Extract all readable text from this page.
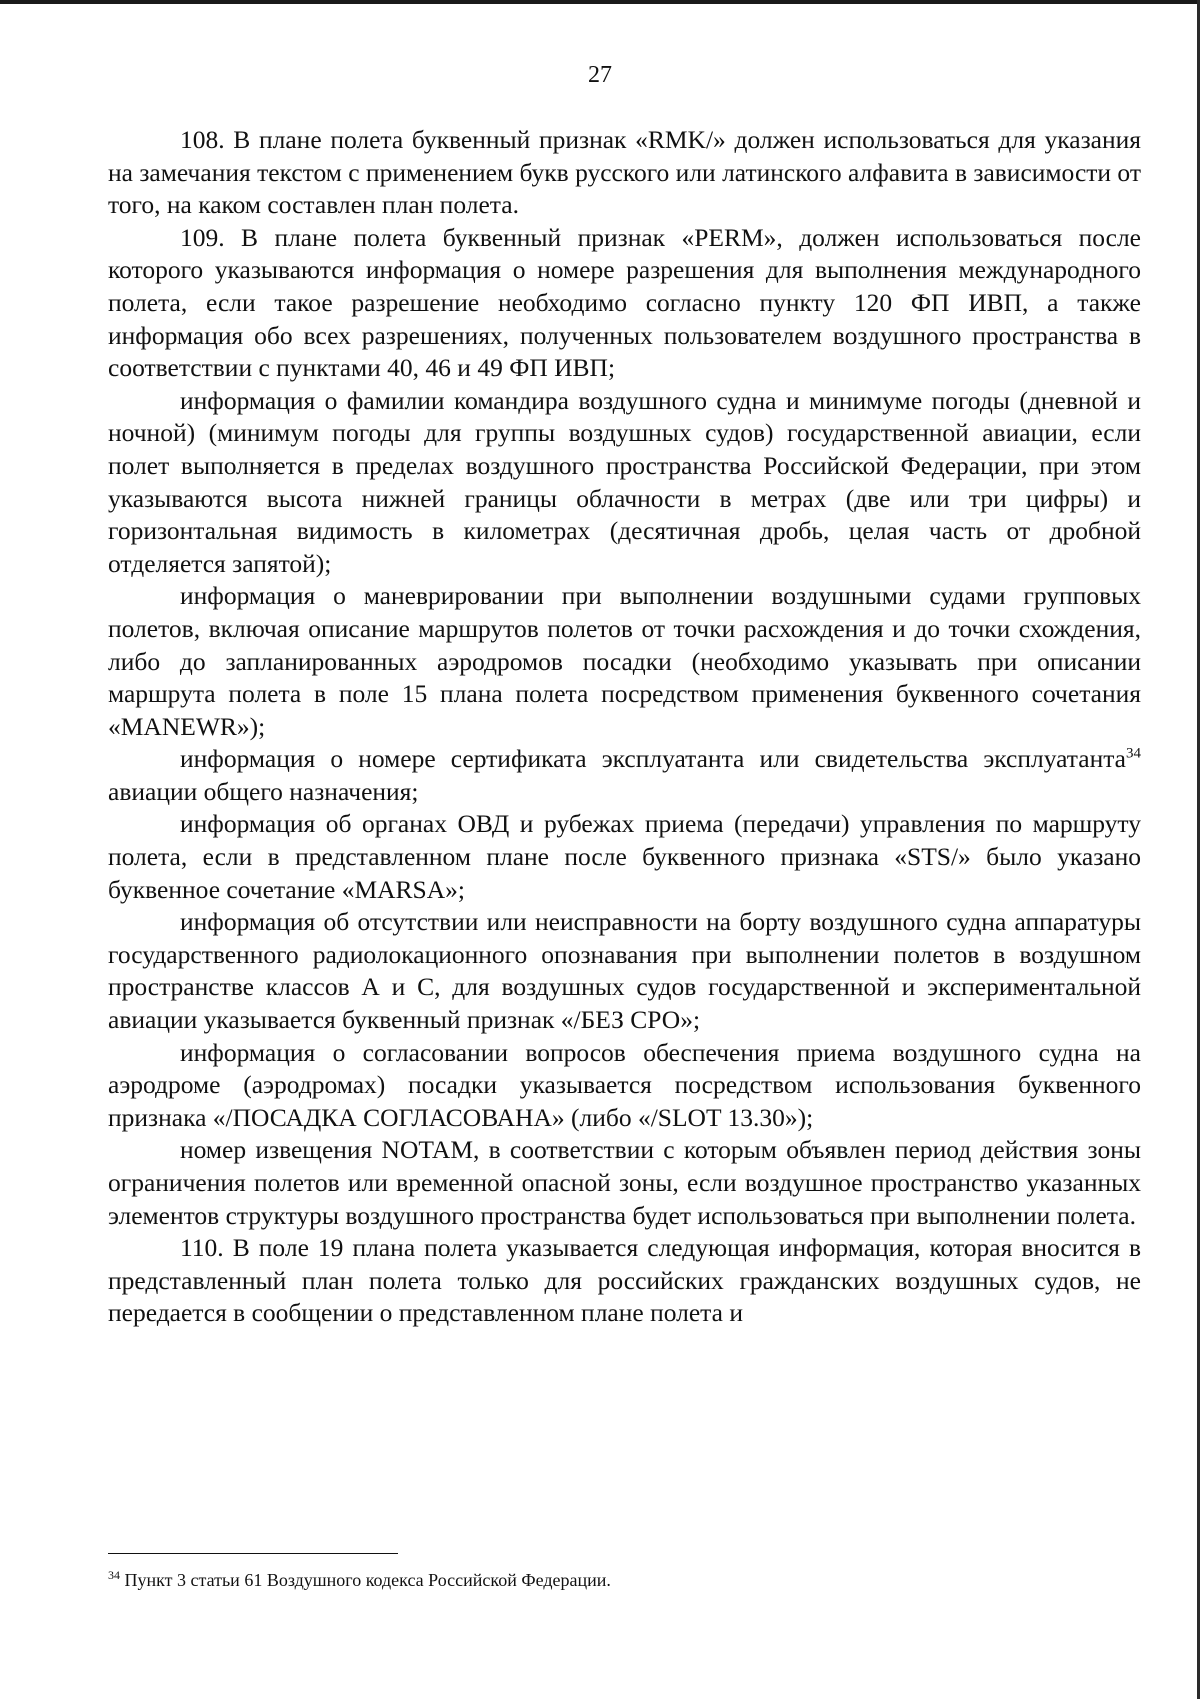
27

108. В плане полета буквенный признак «RMK/» должен использоваться для указания на замечания текстом с применением букв русского или латинского алфавита в зависимости от того, на каком составлен план полета.

109. В плане полета буквенный признак «PERM», должен использоваться после которого указываются информация о номере разрешения для выполнения международного полета, если такое разрешение необходимо согласно пункту 120 ФП ИВП, а также информация обо всех разрешениях, полученных пользователем воздушного пространства в соответствии с пунктами 40, 46 и 49 ФП ИВП;

информация о фамилии командира воздушного судна и минимуме погоды (дневной и ночной) (минимум погоды для группы воздушных судов) государственной авиации, если полет выполняется в пределах воздушного пространства Российской Федерации, при этом указываются высота нижней границы облачности в метрах (две или три цифры) и горизонтальная видимость в километрах (десятичная дробь, целая часть от дробной отделяется запятой);

информация о маневрировании при выполнении воздушными судами групповых полетов, включая описание маршрутов полетов от точки расхождения и до точки схождения, либо до запланированных аэродромов посадки (необходимо указывать при описании маршрута полета в поле 15 плана полета посредством применения буквенного сочетания «MANEWR»);

информация о номере сертификата эксплуатанта или свидетельства эксплуатанта$^{34}$ авиации общего назначения;

информация об органах ОВД и рубежах приема (передачи) управления по маршруту полета, если в представленном плане после буквенного признака «STS/» было указано буквенное сочетание «MARSA»;

информация об отсутствии или неисправности на борту воздушного судна аппаратуры государственного радиолокационного опознавания при выполнении полетов в воздушном пространстве классов А и С, для воздушных судов государственной и экспериментальной авиации указывается буквенный признак «/БЕЗ СРО»;

информация о согласовании вопросов обеспечения приема воздушного судна на аэродроме (аэродромах) посадки указывается посредством использования буквенного признака «/ПОСАДКА СОГЛАСОВАНА» (либо «/SLOT 13.30»);

номер извещения NOTAM, в соответствии с которым объявлен период действия зоны ограничения полетов или временной опасной зоны, если воздушное пространство указанных элементов структуры воздушного пространства будет использоваться при выполнении полета.

110. В поле 19 плана полета указывается следующая информация, которая вносится в представленный план полета только для российских гражданских воздушных судов, не передается в сообщении о представленном плане полета и

$^{34}$ Пункт 3 статьи 61 Воздушного кодекса Российской Федерации.
